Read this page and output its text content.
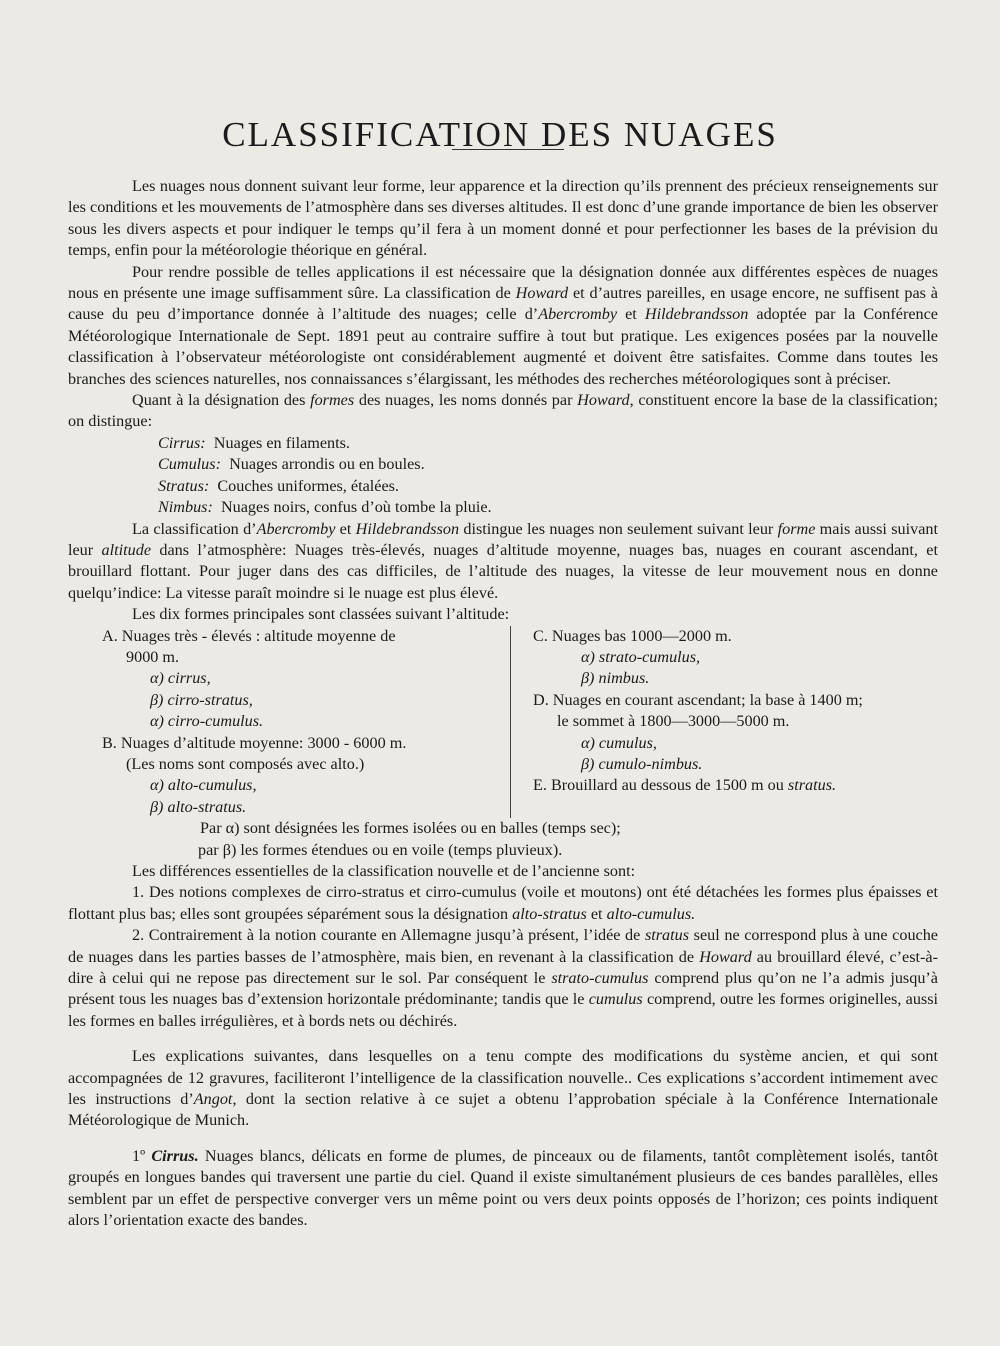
CLASSIFICATION DES NUAGES

Les nuages nous donnent suivant leur forme, leur apparence et la direction qu’ils prennent des précieux renseignements sur les conditions et les mouvements de l’atmosphère dans ses diverses altitudes. Il est donc d’une grande importance de bien les observer sous les divers aspects et pour indiquer le temps qu’il fera à un moment donné et pour perfectionner les bases de la prévision du temps, enfin pour la météorologie théorique en général.

Pour rendre possible de telles applications il est nécessaire que la désignation donnée aux différentes espèces de nuages nous en présente une image suffisamment sûre. La classification de Howard et d’autres pareilles, en usage encore, ne suffisent pas à cause du peu d’importance donnée à l’altitude des nuages; celle d’Abercromby et Hildebrandsson adoptée par la Conférence Météorologique Internationale de Sept. 1891 peut au contraire suffire à tout but pratique. Les exigences posées par la nouvelle classification à l’observateur météorologiste ont considérablement augmenté et doivent être satisfaites. Comme dans toutes les branches des sciences naturelles, nos connaissances s’élargissant, les méthodes des recherches météorologiques sont à préciser.

Quant à la désignation des formes des nuages, les noms donnés par Howard, constituent encore la base de la classification; on distingue:

Cirrus: Nuages en filaments.
Cumulus: Nuages arrondis ou en boules.
Stratus: Couches uniformes, étalées.
Nimbus: Nuages noirs, confus d’où tombe la pluie.

La classification d’Abercromby et Hildebrandsson distingue les nuages non seulement suivant leur forme mais aussi suivant leur altitude dans l’atmosphère: Nuages très-élevés, nuages d’altitude moyenne, nuages bas, nuages en courant ascendant, et brouillard flottant. Pour juger dans des cas difficiles, de l’altitude des nuages, la vitesse de leur mouvement nous en donne quelqu’indice: La vitesse paraît moindre si le nuage est plus élevé.

Les dix formes principales sont classées suivant l’altitude:

A. Nuages très - élevés : altitude moyenne de
9000 m.
α) cirrus,
β) cirro-stratus,
α) cirro-cumulus.
B. Nuages d’altitude moyenne: 3000 - 6000 m.
(Les noms sont composés avec alto.)
α) alto-cumulus,
β) alto-stratus.
C. Nuages bas 1000—2000 m.
α) strato-cumulus,
β) nimbus.
D. Nuages en courant ascendant; la base à 1400 m;
le sommet à 1800—3000—5000 m.
α) cumulus,
β) cumulo-nimbus.
E. Brouillard au dessous de 1500 m ou stratus.
Par α) sont désignées les formes isolées ou en balles (temps sec);
par β) les formes étendues ou en voile (temps pluvieux).

Les différences essentielles de la classification nouvelle et de l’ancienne sont:

1. Des notions complexes de cirro-stratus et cirro-cumulus (voile et moutons) ont été détachées les formes plus épaisses et flottant plus bas; elles sont groupées séparément sous la désignation alto-stratus et alto-cumulus.

2. Contrairement à la notion courante en Allemagne jusqu’à présent, l’idée de stratus seul ne correspond plus à une couche de nuages dans les parties basses de l’atmosphère, mais bien, en revenant à la classification de Howard au brouillard élevé, c’est-à-dire à celui qui ne repose pas directement sur le sol. Par conséquent le strato-cumulus comprend plus qu’on ne l’a admis jusqu’à présent tous les nuages bas d’extension horizontale prédominante; tandis que le cumulus comprend, outre les formes originelles, aussi les formes en balles irrégulières, et à bords nets ou déchirés.

Les explications suivantes, dans lesquelles on a tenu compte des modifications du système ancien, et qui sont accompagnées de 12 gravures, faciliteront l’intelligence de la classification nouvelle.. Ces explications s’accordent intimement avec les instructions d’Angot, dont la section relative à ce sujet a obtenu l’approbation spéciale à la Conférence Internationale Météorologique de Munich.

1º Cirrus. Nuages blancs, délicats en forme de plumes, de pinceaux ou de filaments, tantôt complètement isolés, tantôt groupés en longues bandes qui traversent une partie du ciel. Quand il existe simultanément plusieurs de ces bandes parallèles, elles semblent par un effet de perspective converger vers un même point ou vers deux points opposés de l’horizon; ces points indiquent alors l’orientation exacte des bandes.
